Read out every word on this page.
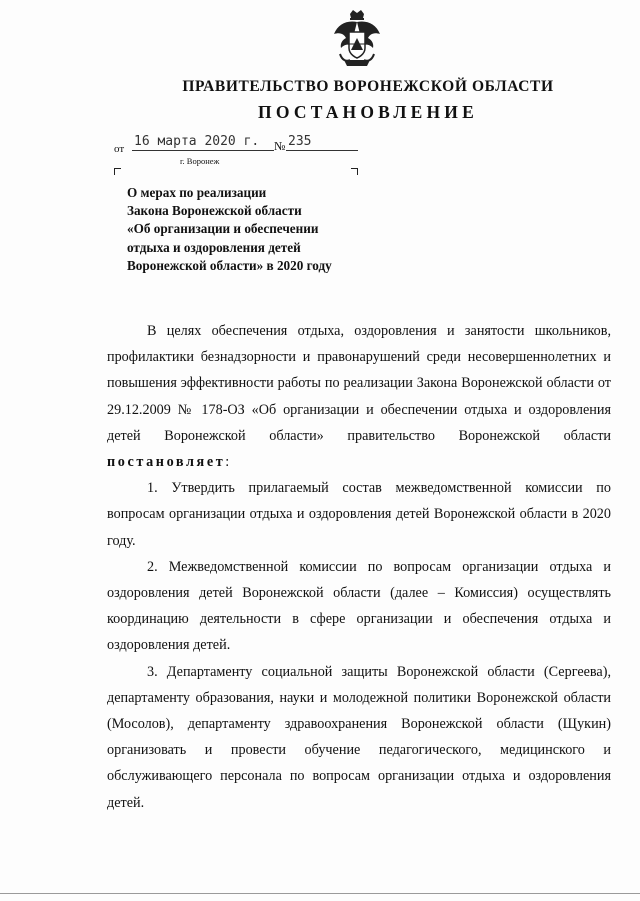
ПРАВИТЕЛЬСТВО ВОРОНЕЖСКОЙ ОБЛАСТИ
ПОСТАНОВЛЕНИЕ
от 16 марта 2020 г.	№ 235
г. Воронеж
О мерах по реализации
Закона Воронежской области
«Об организации и обеспечении
отдыха и оздоровления детей
Воронежской области» в 2020 году

В целях обеспечения отдыха, оздоровления и занятости школьников, профилактики безнадзорности и правонарушений среди несовершеннолетних и повышения эффективности работы по реализации Закона Воронежской области от 29.12.2009 № 178-ОЗ «Об организации и обеспечении отдыха и оздоровления детей Воронежской области» правительство Воронежской области постановляет:

1. Утвердить прилагаемый состав межведомственной комиссии по вопросам организации отдыха и оздоровления детей Воронежской области в 2020 году.

2. Межведомственной комиссии по вопросам организации отдыха и оздоровления детей Воронежской области (далее – Комиссия) осуществлять координацию деятельности в сфере организации и обеспечения отдыха и оздоровления детей.

3. Департаменту социальной защиты Воронежской области (Сергеева), департаменту образования, науки и молодежной политики Воронежской области (Мосолов), департаменту здравоохранения Воронежской области (Щукин) организовать и провести обучение педагогического, медицинского и обслуживающего персонала по вопросам организации отдыха и оздоровления детей.
